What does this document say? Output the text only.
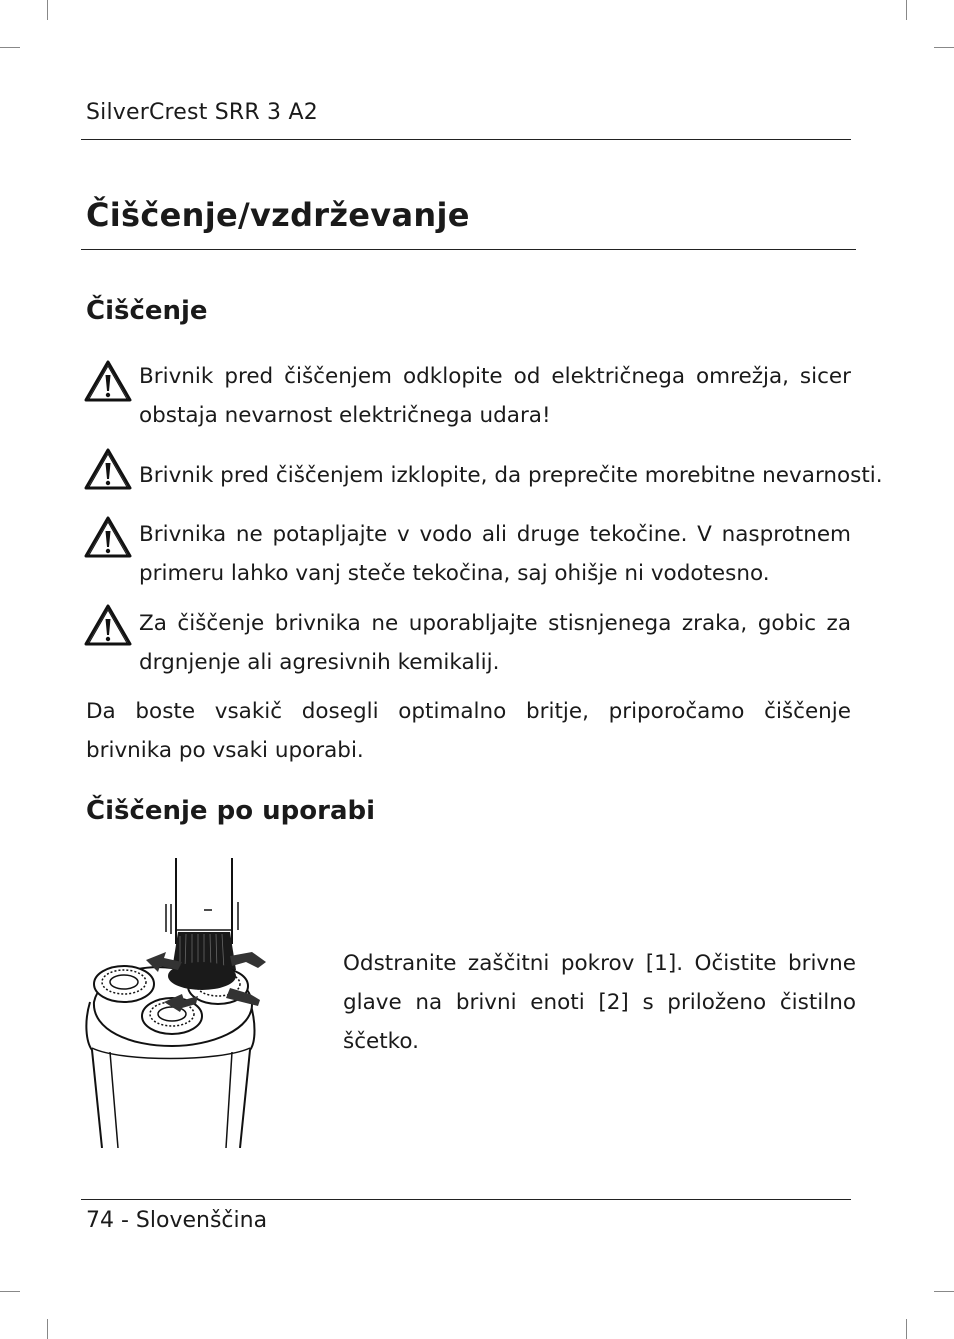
SilverCrest SRR 3 A2
Čiščenje/vzdrževanje
Čiščenje

Brivnik pred čiščenjem odklopite od električnega omrežja, sicer obstaja nevarnost električnega udara!

Brivnik pred čiščenjem izklopite, da preprečite morebitne nevarnosti.

Brivnika ne potapljajte v vodo ali druge tekočine. V nasprotnem primeru lahko vanj steče tekočina, saj ohišje ni vodotesno.

Za čiščenje brivnika ne uporabljajte stisnjenega zraka, gobic za drgnjenje ali agresivnih kemikalij.

Da boste vsakič dosegli optimalno britje, priporočamo čiščenje brivnika po vsaki uporabi.

Čiščenje po uporabi

Odstranite zaščitni pokrov [1]. Očistite brivne glave na brivni enoti [2] s priloženo čistilno ščetko.

74 - Slovenščina
